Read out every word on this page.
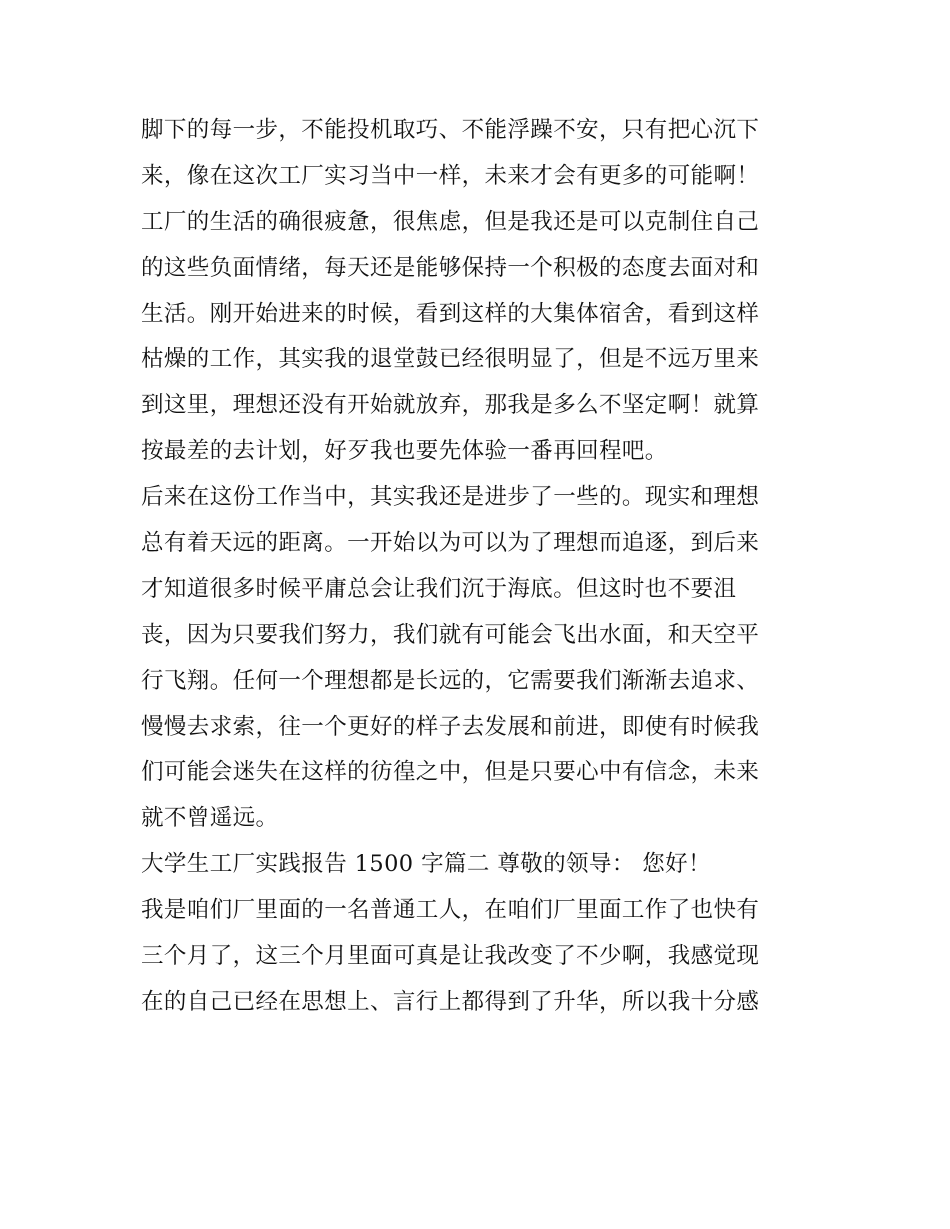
脚下的每一步，不能投机取巧、不能浮躁不安，只有把心沉下
来，像在这次工厂实习当中一样，未来才会有更多的可能啊！
工厂的生活的确很疲惫，很焦虑，但是我还是可以克制住自己
的这些负面情绪，每天还是能够保持一个积极的态度去面对和
生活。刚开始进来的时候，看到这样的大集体宿舍，看到这样
枯燥的工作，其实我的退堂鼓已经很明显了，但是不远万里来
到这里，理想还没有开始就放弃，那我是多么不坚定啊！就算
按最差的去计划，好歹我也要先体验一番再回程吧。
后来在这份工作当中，其实我还是进步了一些的。现实和理想
总有着天远的距离。一开始以为可以为了理想而追逐，到后来
才知道很多时候平庸总会让我们沉于海底。但这时也不要沮
丧，因为只要我们努力，我们就有可能会飞出水面，和天空平
行飞翔。任何一个理想都是长远的，它需要我们渐渐去追求、
慢慢去求索，往一个更好的样子去发展和前进，即使有时候我
们可能会迷失在这样的彷徨之中，但是只要心中有信念，未来
就不曾遥远。
大学生工厂实践报告 1500 字篇二 尊敬的领导： 您好！
我是咱们厂里面的一名普通工人，在咱们厂里面工作了也快有
三个月了，这三个月里面可真是让我改变了不少啊，我感觉现
在的自己已经在思想上、言行上都得到了升华，所以我十分感
